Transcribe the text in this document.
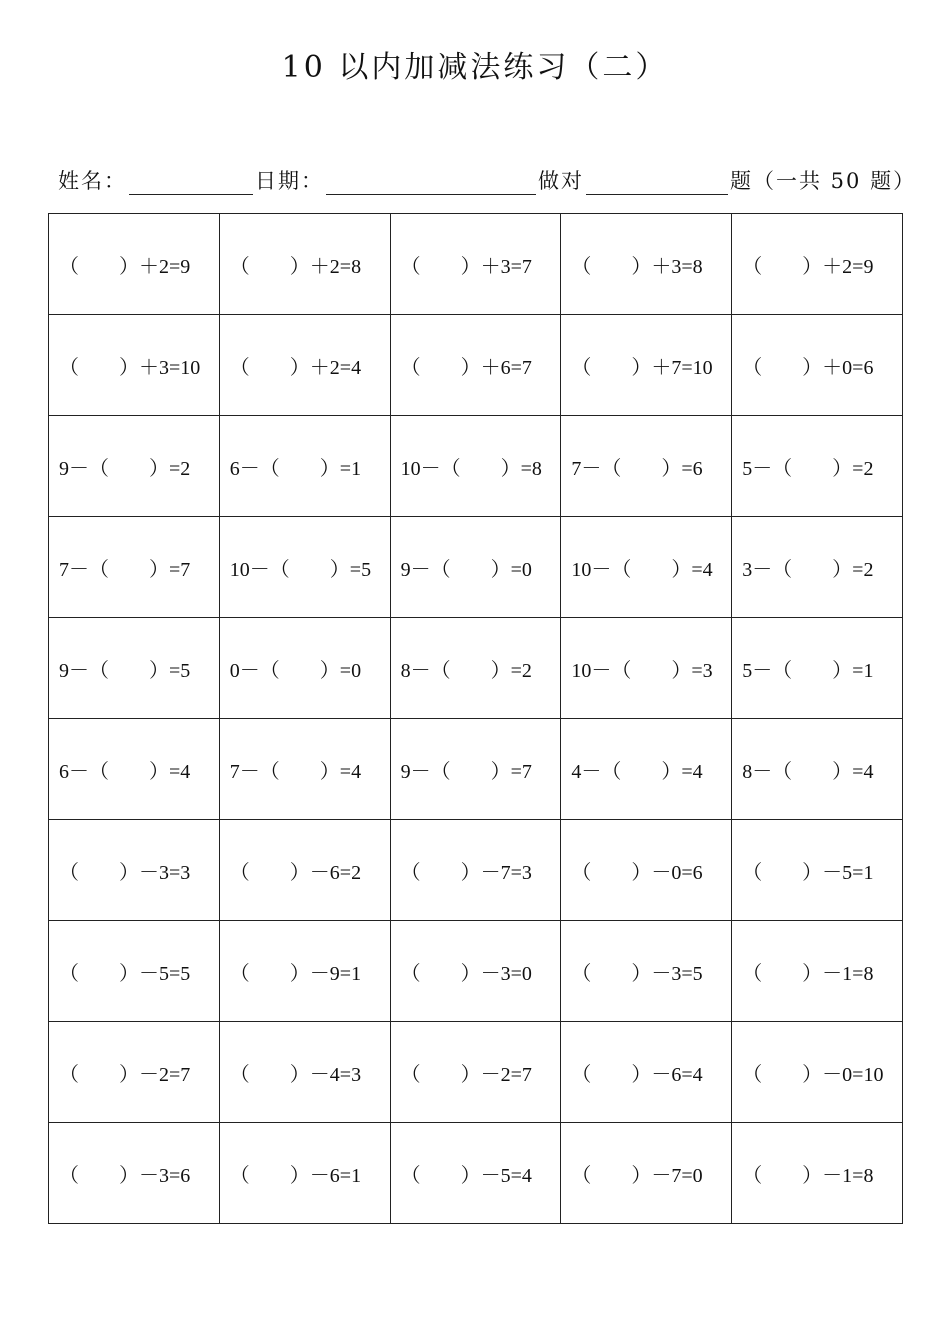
10 以内加减法练习（二）
姓名：	日期：	做对	题（一共 50 题）
（　　）＋2=9	（　　）＋2=8	（　　）＋3=7	（　　）＋3=8	（　　）＋2=9
（　　）＋3=10	（　　）＋2=4	（　　）＋6=7	（　　）＋7=10	（　　）＋0=6
9－（　　）=2	6－（　　）=1	10－（　　）=8	7－（　　）=6	5－（　　）=2
7－（　　）=7	10－（　　）=5	9－（　　）=0	10－（　　）=4	3－（　　）=2
9－（　　）=5	0－（　　）=0	8－（　　）=2	10－（　　）=3	5－（　　）=1
6－（　　）=4	7－（　　）=4	9－（　　）=7	4－（　　）=4	8－（　　）=4
（　　）－3=3	（　　）－6=2	（　　）－7=3	（　　）－0=6	（　　）－5=1
（　　）－5=5	（　　）－9=1	（　　）－3=0	（　　）－3=5	（　　）－1=8
（　　）－2=7	（　　）－4=3	（　　）－2=7	（　　）－6=4	（　　）－0=10
（　　）－3=6	（　　）－6=1	（　　）－5=4	（　　）－7=0	（　　）－1=8
